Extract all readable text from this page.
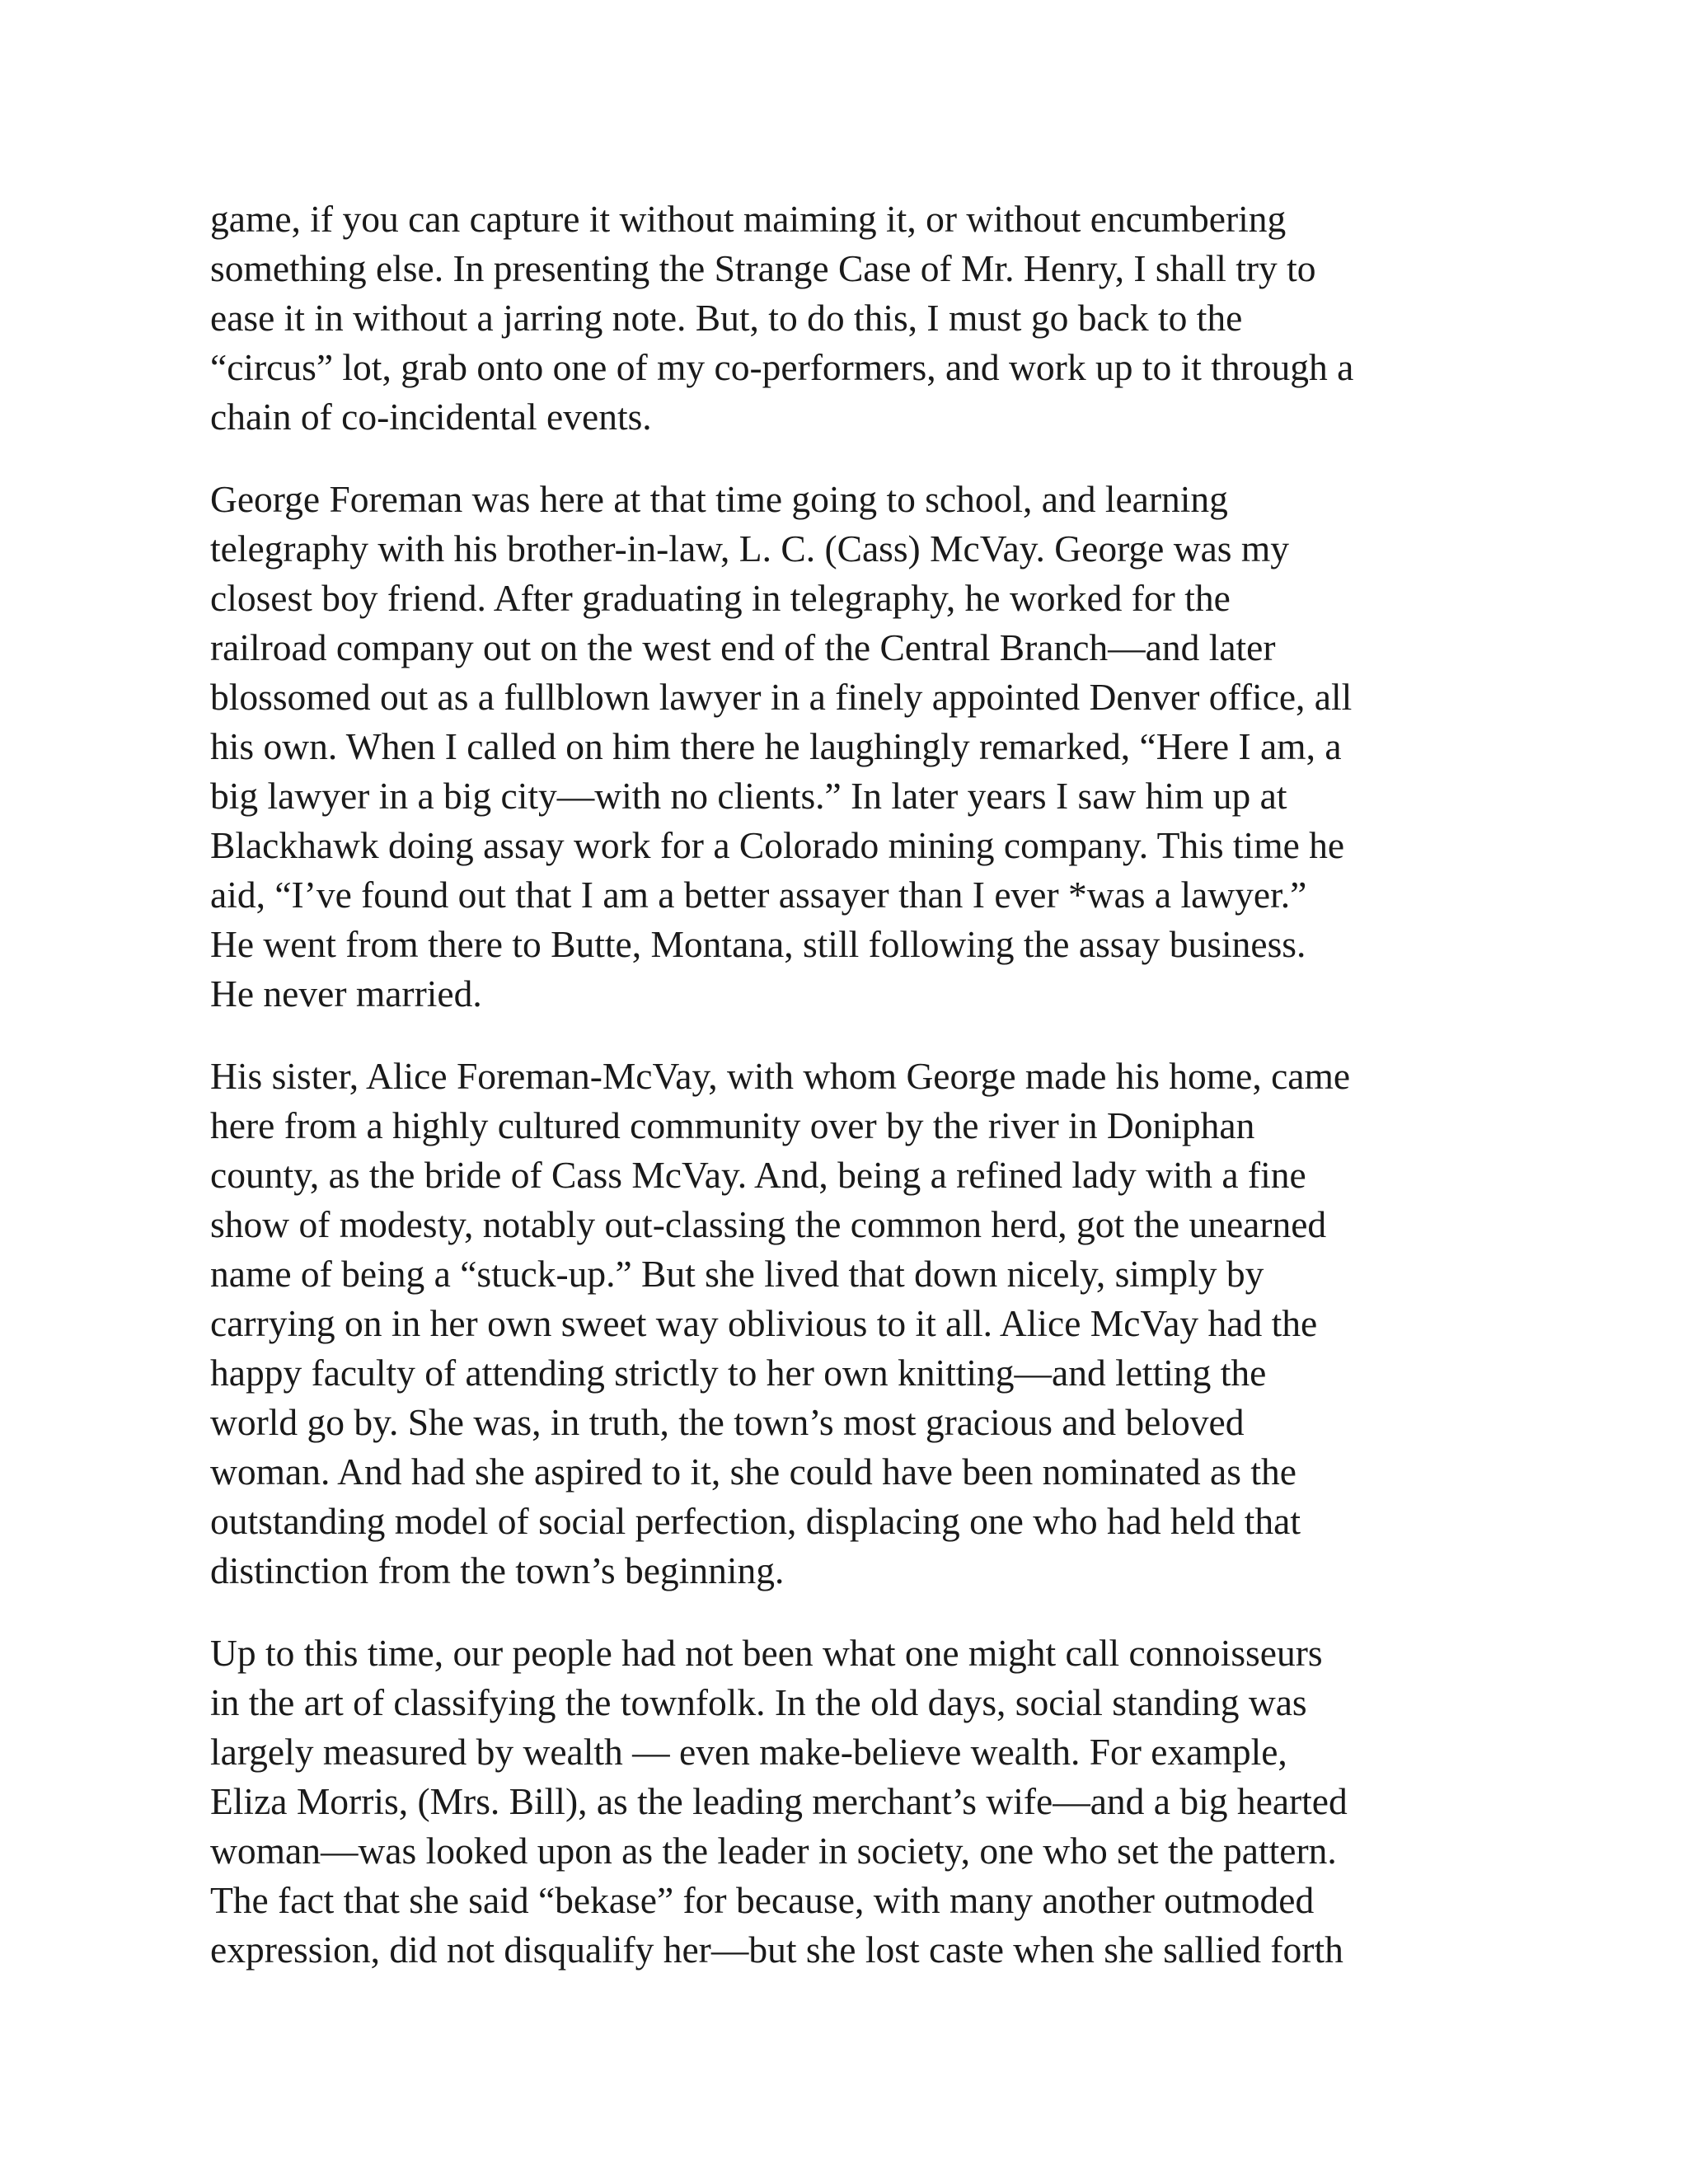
game, if you can capture it without maiming it, or without encumbering
something else. In presenting the Strange Case of Mr. Henry, I shall try to
ease it in without a jarring note. But, to do this, I must go back to the
“circus” lot, grab onto one of my co-performers, and work up to it through a
chain of co-incidental events.

George Foreman was here at that time going to school, and learning
telegraphy with his brother-in-law, L. C. (Cass) McVay. George was my
closest boy friend. After graduating in telegraphy, he worked for the
railroad company out on the west end of the Central Branch—and later
blossomed out as a fullblown lawyer in a finely appointed Denver office, all
his own. When I called on him there he laughingly remarked, “Here I am, a
big lawyer in a big city—with no clients.” In later years I saw him up at
Blackhawk doing assay work for a Colorado mining company. This time he
aid, “I’ve found out that I am a better assayer than I ever *was a lawyer.”
He went from there to Butte, Montana, still following the assay business.
He never married.

His sister, Alice Foreman-McVay, with whom George made his home, came
here from a highly cultured community over by the river in Doniphan
county, as the bride of Cass McVay. And, being a refined lady with a fine
show of modesty, notably out-classing the common herd, got the unearned
name of being a “stuck-up.” But she lived that down nicely, simply by
carrying on in her own sweet way oblivious to it all. Alice McVay had the
happy faculty of attending strictly to her own knitting—and letting the
world go by. She was, in truth, the town’s most gracious and beloved
woman. And had she aspired to it, she could have been nominated as the
outstanding model of social perfection, displacing one who had held that
distinction from the town’s beginning.

Up to this time, our people had not been what one might call connoisseurs
in the art of classifying the townfolk. In the old days, social standing was
largely measured by wealth — even make-believe wealth. For example,
Eliza Morris, (Mrs. Bill), as the leading merchant’s wife—and a big hearted
woman—was looked upon as the leader in society, one who set the pattern.
The fact that she said “bekase” for because, with many another outmoded
expression, did not disqualify her—but she lost caste when she sallied forth
